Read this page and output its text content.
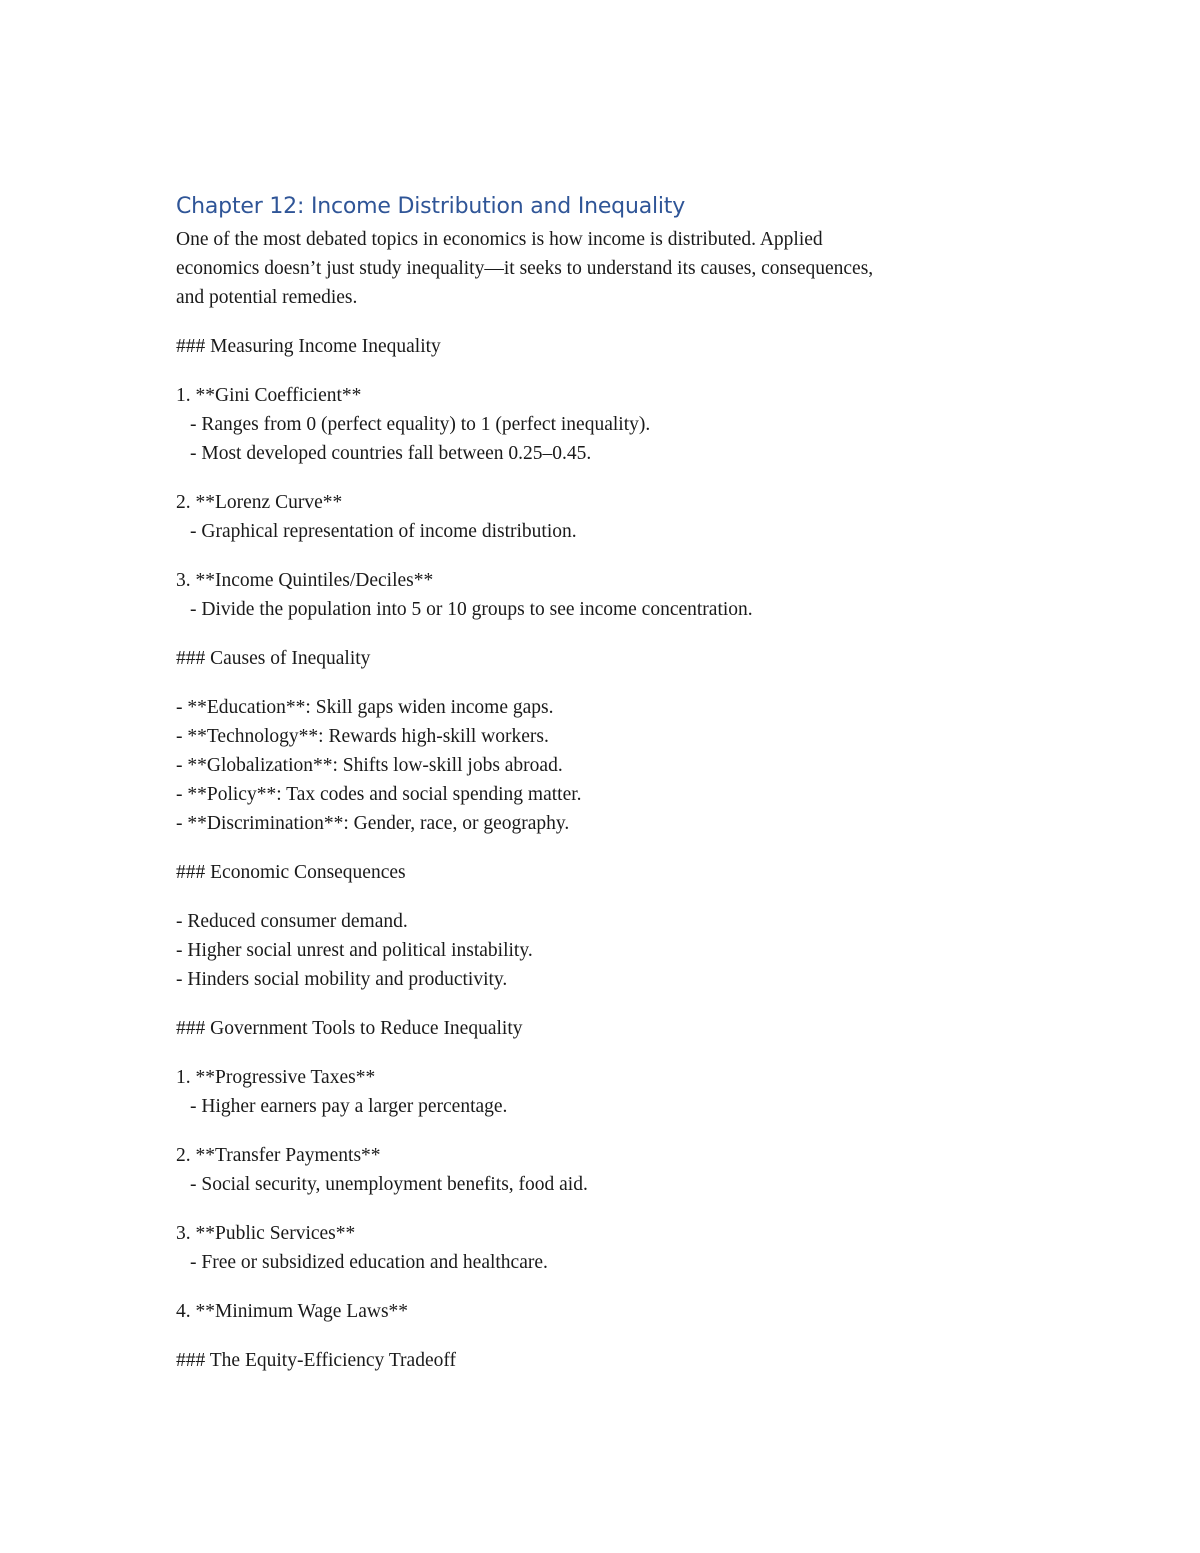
Chapter 12: Income Distribution and Inequality
One of the most debated topics in economics is how income is distributed. Applied
economics doesn’t just study inequality—it seeks to understand its causes, consequences,
and potential remedies.
### Measuring Income Inequality
1. **Gini Coefficient**
- Ranges from 0 (perfect equality) to 1 (perfect inequality).
- Most developed countries fall between 0.25–0.45.
2. **Lorenz Curve**
- Graphical representation of income distribution.
3. **Income Quintiles/Deciles**
- Divide the population into 5 or 10 groups to see income concentration.
### Causes of Inequality
- **Education**: Skill gaps widen income gaps.
- **Technology**: Rewards high-skill workers.
- **Globalization**: Shifts low-skill jobs abroad.
- **Policy**: Tax codes and social spending matter.
- **Discrimination**: Gender, race, or geography.
### Economic Consequences
- Reduced consumer demand.
- Higher social unrest and political instability.
- Hinders social mobility and productivity.
### Government Tools to Reduce Inequality
1. **Progressive Taxes**
- Higher earners pay a larger percentage.
2. **Transfer Payments**
- Social security, unemployment benefits, food aid.
3. **Public Services**
- Free or subsidized education and healthcare.
4. **Minimum Wage Laws**
### The Equity-Efficiency Tradeoff
